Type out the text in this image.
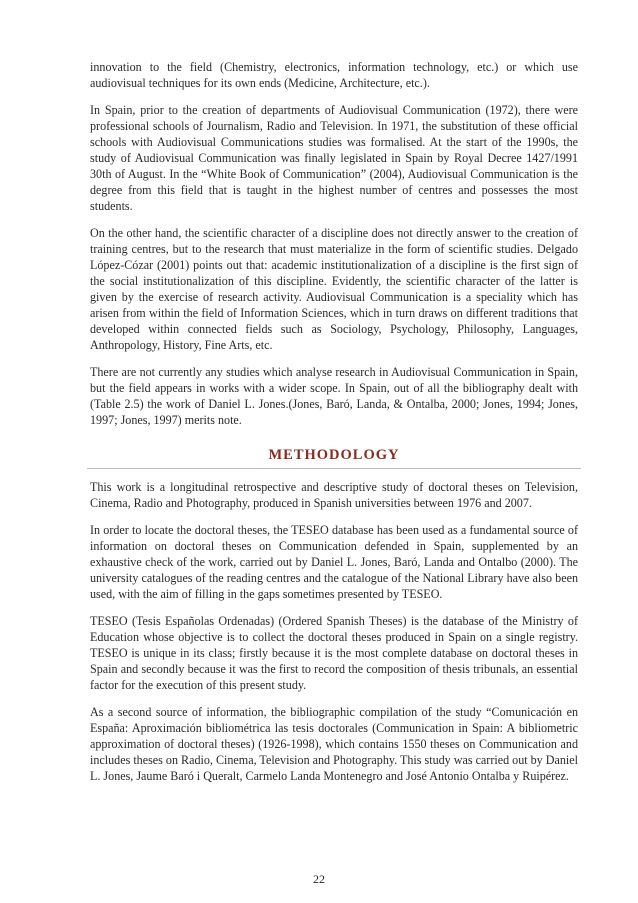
innovation to the field (Chemistry, electronics, information technology, etc.) or which use audiovisual techniques for its own ends (Medicine, Architecture, etc.).

In Spain, prior to the creation of departments of Audiovisual Communication (1972), there were professional schools of Journalism, Radio and Television. In 1971, the substitution of these official schools with Audiovisual Communications studies was formalised. At the start of the 1990s, the study of Audiovisual Communication was finally legislated in Spain by Royal Decree 1427/1991 30th of August. In the “White Book of Communication” (2004), Audiovisual Communication is the degree from this field that is taught in the highest number of centres and possesses the most students.

On the other hand, the scientific character of a discipline does not directly answer to the creation of training centres, but to the research that must materialize in the form of scientific studies. Delgado López-Cózar (2001) points out that: academic institutionalization of a discipline is the first sign of the social institutionalization of this discipline. Evidently, the scientific character of the latter is given by the exercise of research activity. Audiovisual Communication is a speciality which has arisen from within the field of Information Sciences, which in turn draws on different traditions that developed within connected fields such as Sociology, Psychology, Philosophy, Languages, Anthropology, History, Fine Arts, etc.

There are not currently any studies which analyse research in Audiovisual Communication in Spain, but the field appears in works with a wider scope. In Spain, out of all the bibliography dealt with (Table 2.5) the work of Daniel L. Jones.(Jones, Baró, Landa, & Ontalba, 2000; Jones, 1994; Jones, 1997; Jones, 1997) merits note.

METHODOLOGY

This work is a longitudinal retrospective and descriptive study of doctoral theses on Television, Cinema, Radio and Photography, produced in Spanish universities between 1976 and 2007.

In order to locate the doctoral theses, the TESEO database has been used as a fundamental source of information on doctoral theses on Communication defended in Spain, supplemented by an exhaustive check of the work, carried out by Daniel L. Jones, Baró, Landa and Ontalbo (2000). The university catalogues of the reading centres and the catalogue of the National Library have also been used, with the aim of filling in the gaps sometimes presented by TESEO.

TESEO (Tesis Españolas Ordenadas) (Ordered Spanish Theses) is the database of the Ministry of Education whose objective is to collect the doctoral theses produced in Spain on a single registry. TESEO is unique in its class; firstly because it is the most complete database on doctoral theses in Spain and secondly because it was the first to record the composition of thesis tribunals, an essential factor for the execution of this present study.

As a second source of information, the bibliographic compilation of the study “Comunicación en España: Aproximación bibliométrica las tesis doctorales (Communication in Spain: A bibliometric approximation of doctoral theses) (1926-1998), which contains 1550 theses on Communication and includes theses on Radio, Cinema, Television and Photography. This study was carried out by Daniel L. Jones, Jaume Baró i Queralt, Carmelo Landa Montenegro and José Antonio Ontalba y Ruipérez.

22
